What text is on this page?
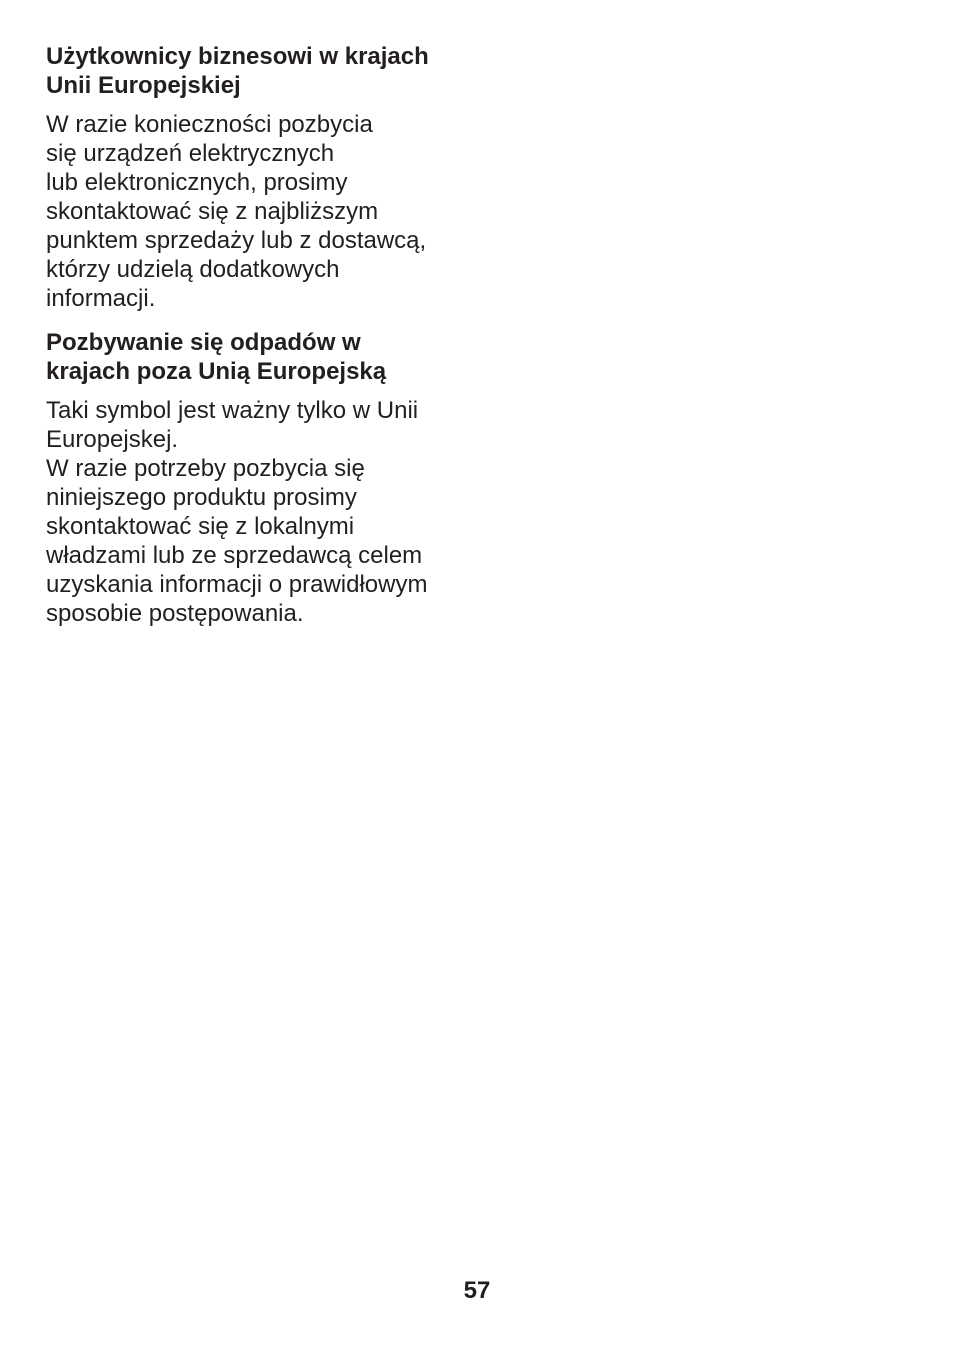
Użytkownicy biznesowi w krajach
Unii Europejskiej

W razie konieczności pozbycia
się urządzeń elektrycznych
lub elektronicznych, prosimy
skontaktować się z najbliższym
punktem sprzedaży lub z dostawcą,
którzy udzielą dodatkowych
informacji.

Pozbywanie się odpadów w
krajach poza Unią Europejską

Taki symbol jest ważny tylko w Unii
Europejskej.
W razie potrzeby pozbycia się
niniejszego produktu prosimy
skontaktować się z lokalnymi
władzami lub ze sprzedawcą celem
uzyskania informacji o prawidłowym
sposobie postępowania.

57
